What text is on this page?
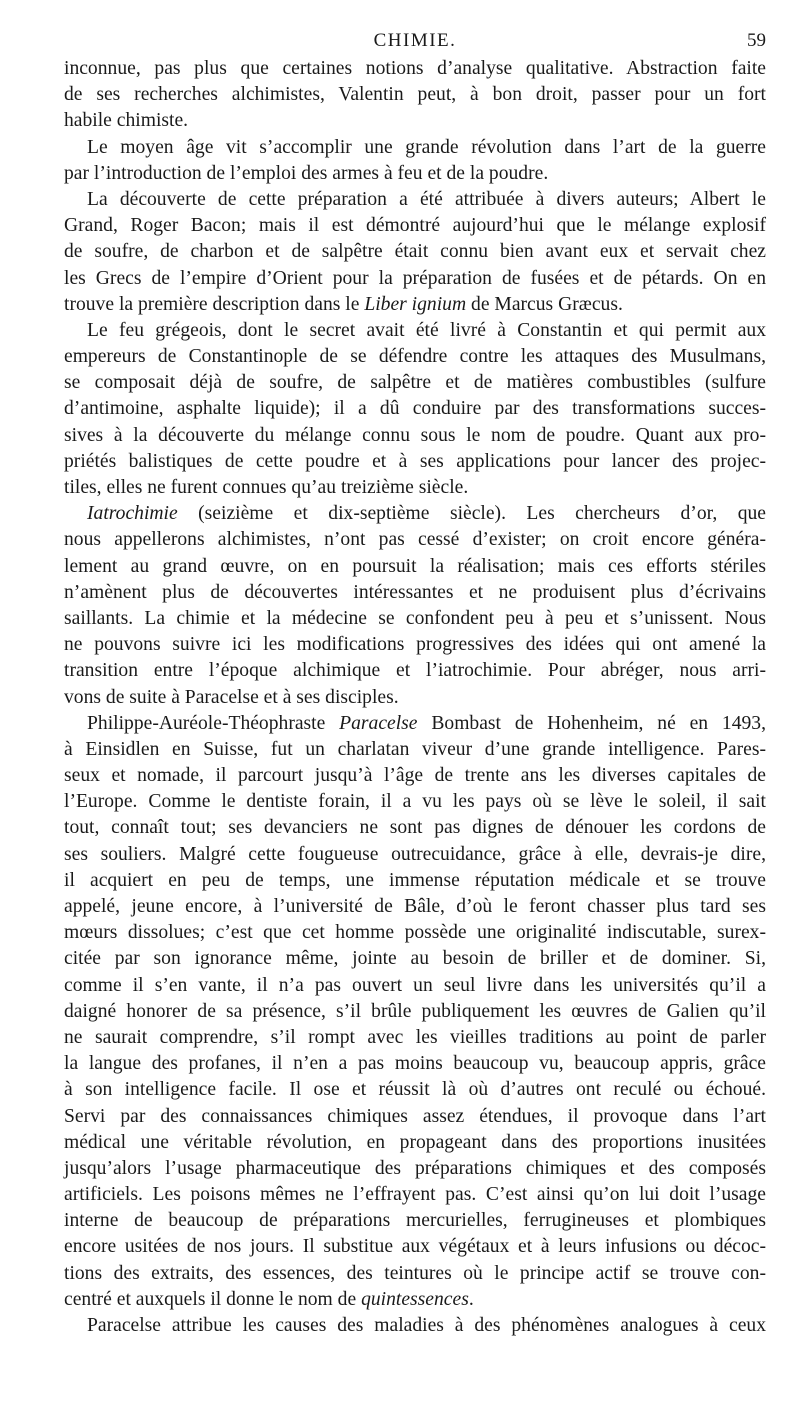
CHIMIE.	59
inconnue, pas plus que certaines notions d’analyse qualitative. Abstraction faite
de ses recherches alchimistes, Valentin peut, à bon droit, passer pour un fort
habile chimiste.
Le moyen âge vit s’accomplir une grande révolution dans l’art de la guerre
par l’introduction de l’emploi des armes à feu et de la poudre.
La découverte de cette préparation a été attribuée à divers auteurs; Albert le
Grand, Roger Bacon; mais il est démontré aujourd’hui que le mélange explosif
de soufre, de charbon et de salpêtre était connu bien avant eux et servait chez
les Grecs de l’empire d’Orient pour la préparation de fusées et de pétards. On en
trouve la première description dans le Liber ignium de Marcus Græcus.
Le feu grégeois, dont le secret avait été livré à Constantin et qui permit aux
empereurs de Constantinople de se défendre contre les attaques des Musulmans,
se composait déjà de soufre, de salpêtre et de matières combustibles (sulfure
d’antimoine, asphalte liquide); il a dû conduire par des transformations succes-
sives à la découverte du mélange connu sous le nom de poudre. Quant aux pro-
priétés balistiques de cette poudre et à ses applications pour lancer des projec-
tiles, elles ne furent connues qu’au treizième siècle.
Iatrochimie (seizième et dix-septième siècle). Les chercheurs d’or, que
nous appellerons alchimistes, n’ont pas cessé d’exister; on croit encore généra-
lement au grand œuvre, on en poursuit la réalisation; mais ces efforts stériles
n’amènent plus de découvertes intéressantes et ne produisent plus d’écrivains
saillants. La chimie et la médecine se confondent peu à peu et s’unissent. Nous
ne pouvons suivre ici les modifications progressives des idées qui ont amené la
transition entre l’époque alchimique et l’iatrochimie. Pour abréger, nous arri-
vons de suite à Paracelse et à ses disciples.
Philippe-Auréole-Théophraste Paracelse Bombast de Hohenheim, né en 1493,
à Einsidlen en Suisse, fut un charlatan viveur d’une grande intelligence. Pares-
seux et nomade, il parcourt jusqu’à l’âge de trente ans les diverses capitales de
l’Europe. Comme le dentiste forain, il a vu les pays où se lève le soleil, il sait
tout, connaît tout; ses devanciers ne sont pas dignes de dénouer les cordons de
ses souliers. Malgré cette fougueuse outrecuidance, grâce à elle, devrais-je dire,
il acquiert en peu de temps, une immense réputation médicale et se trouve
appelé, jeune encore, à l’université de Bâle, d’où le feront chasser plus tard ses
mœurs dissolues; c’est que cet homme possède une originalité indiscutable, surex-
citée par son ignorance même, jointe au besoin de briller et de dominer. Si,
comme il s’en vante, il n’a pas ouvert un seul livre dans les universités qu’il a
daigné honorer de sa présence, s’il brûle publiquement les œuvres de Galien qu’il
ne saurait comprendre, s’il rompt avec les vieilles traditions au point de parler
la langue des profanes, il n’en a pas moins beaucoup vu, beaucoup appris, grâce
à son intelligence facile. Il ose et réussit là où d’autres ont reculé ou échoué.
Servi par des connaissances chimiques assez étendues, il provoque dans l’art
médical une véritable révolution, en propageant dans des proportions inusitées
jusqu’alors l’usage pharmaceutique des préparations chimiques et des composés
artificiels. Les poisons mêmes ne l’effrayent pas. C’est ainsi qu’on lui doit l’usage
interne de beaucoup de préparations mercurielles, ferrugineuses et plombiques
encore usitées de nos jours. Il substitue aux végétaux et à leurs infusions ou décoc-
tions des extraits, des essences, des teintures où le principe actif se trouve con-
centré et auxquels il donne le nom de quintessences.
Paracelse attribue les causes des maladies à des phénomènes analogues à ceux
